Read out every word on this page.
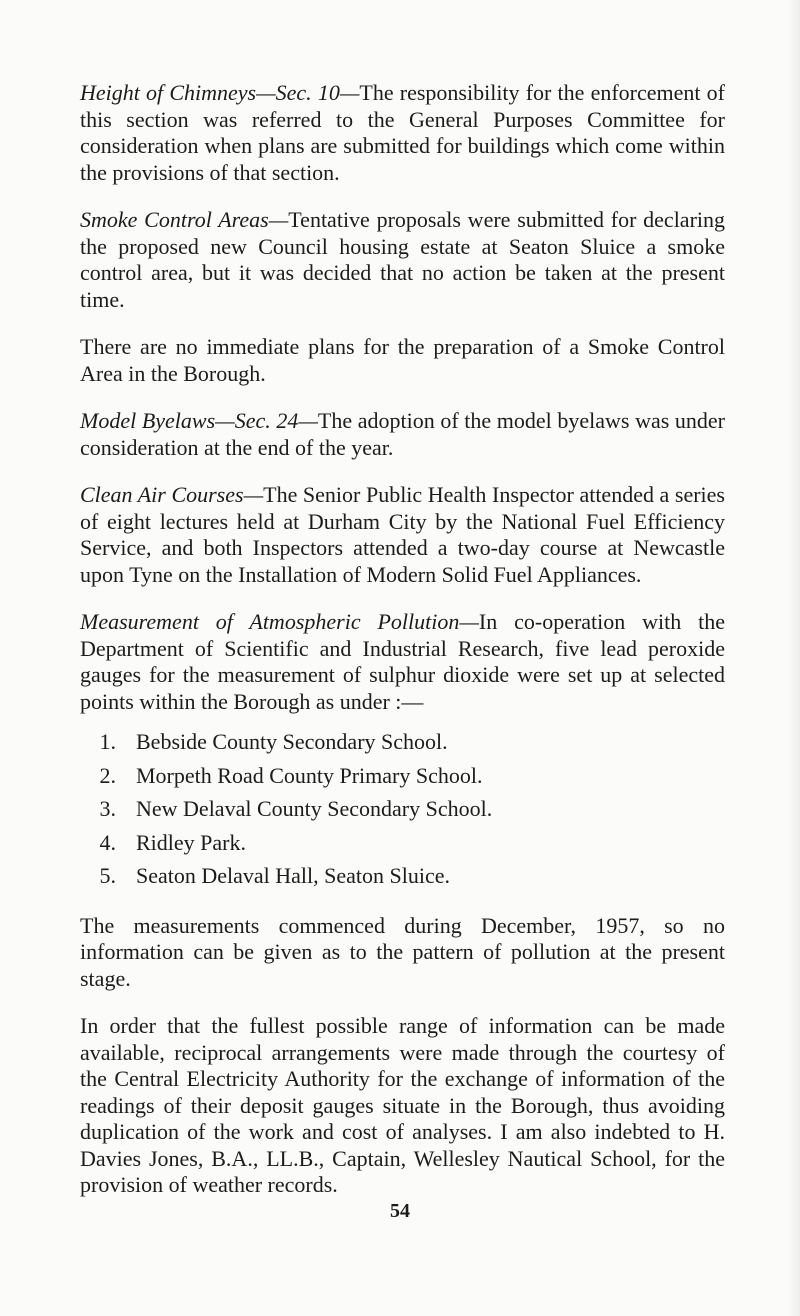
Height of Chimneys—Sec. 10—The responsibility for the enforcement of this section was referred to the General Purposes Committee for consideration when plans are submitted for buildings which come within the provisions of that section.

Smoke Control Areas—Tentative proposals were submitted for declaring the proposed new Council housing estate at Seaton Sluice a smoke control area, but it was decided that no action be taken at the present time.

There are no immediate plans for the preparation of a Smoke Control Area in the Borough.

Model Byelaws—Sec. 24—The adoption of the model byelaws was under consideration at the end of the year.

Clean Air Courses—The Senior Public Health Inspector attended a series of eight lectures held at Durham City by the National Fuel Efficiency Service, and both Inspectors attended a two-day course at Newcastle upon Tyne on the Installation of Modern Solid Fuel Appliances.

Measurement of Atmospheric Pollution—In co-operation with the Department of Scientific and Industrial Research, five lead peroxide gauges for the measurement of sulphur dioxide were set up at selected points within the Borough as under :—

1. Bebside County Secondary School.
2. Morpeth Road County Primary School.
3. New Delaval County Secondary School.
4. Ridley Park.
5. Seaton Delaval Hall, Seaton Sluice.

The measurements commenced during December, 1957, so no information can be given as to the pattern of pollution at the present stage.

In order that the fullest possible range of information can be made available, reciprocal arrangements were made through the courtesy of the Central Electricity Authority for the exchange of information of the readings of their deposit gauges situate in the Borough, thus avoiding duplication of the work and cost of analyses. I am also indebted to H. Davies Jones, B.A., LL.B., Captain, Wellesley Nautical School, for the provision of weather records.

54
